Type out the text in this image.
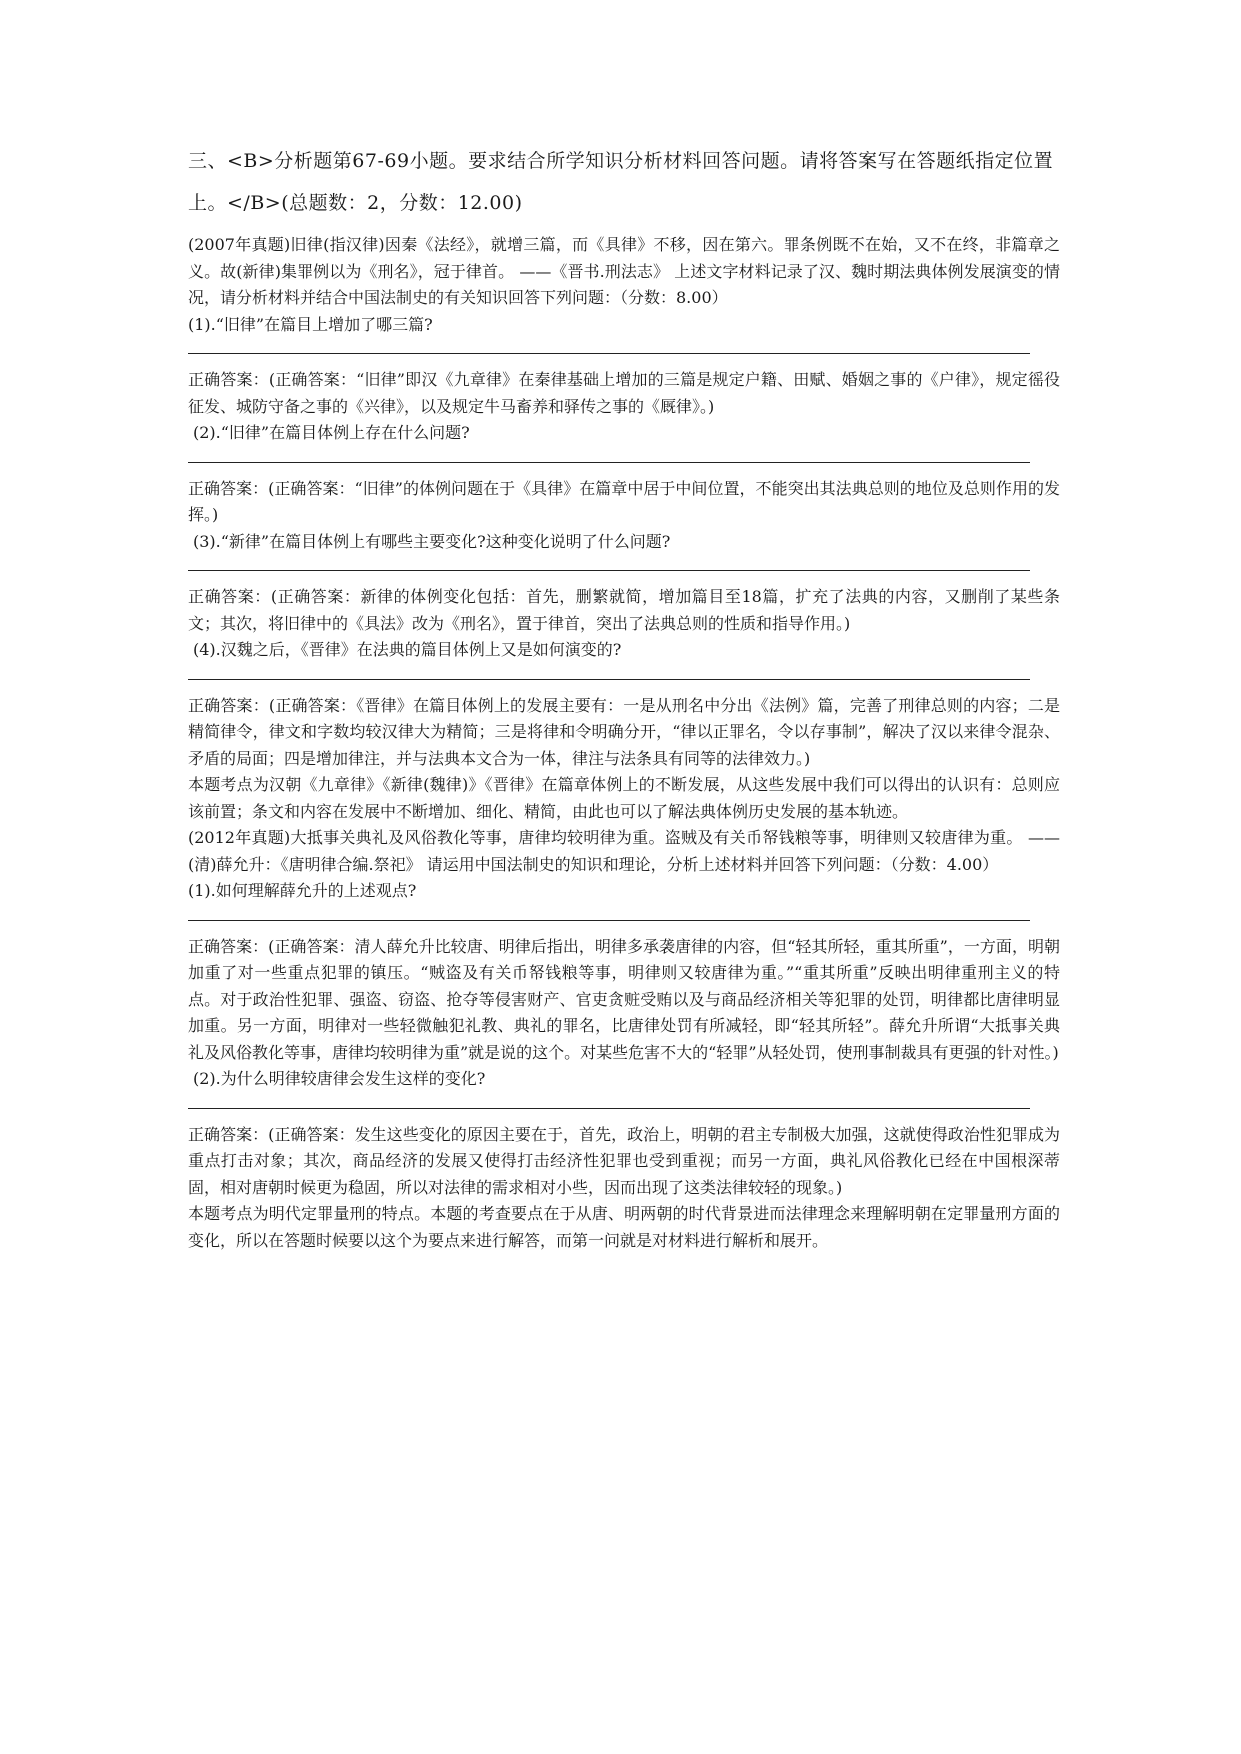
三、<B>分析题第67-69小题。要求结合所学知识分析材料回答问题。请将答案写在答题纸指定位置上。</B>(总题数：2，分数：12.00)

(2007年真题)旧律(指汉律)因秦《法经》，就增三篇，而《具律》不移，因在第六。罪条例既不在始，又不在终，非篇章之义。故(新律)集罪例以为《刑名》，冠于律首。 ——《晋书.刑法志》 上述文字材料记录了汉、魏时期法典体例发展演变的情况，请分析材料并结合中国法制史的有关知识回答下列问题：（分数：8.00）

(1).“旧律”在篇目上增加了哪三篇?

正确答案：(正确答案：“旧律”即汉《九章律》在秦律基础上增加的三篇是规定户籍、田赋、婚姻之事的《户律》，规定徭役征发、城防守备之事的《兴律》，以及规定牛马畜养和驿传之事的《厩律》。)

(2).“旧律”在篇目体例上存在什么问题?

正确答案：(正确答案：“旧律”的体例问题在于《具律》在篇章中居于中间位置，不能突出其法典总则的地位及总则作用的发挥。)

(3).“新律”在篇目体例上有哪些主要变化?这种变化说明了什么问题?

正确答案：(正确答案：新律的体例变化包括：首先，删繁就简，增加篇目至18篇，扩充了法典的内容，又删削了某些条文；其次，将旧律中的《具法》改为《刑名》，置于律首，突出了法典总则的性质和指导作用。)

(4).汉魏之后，《晋律》在法典的篇目体例上又是如何演变的?

正确答案：(正确答案：《晋律》在篇目体例上的发展主要有：一是从刑名中分出《法例》篇，完善了刑律总则的内容；二是精简律令，律文和字数均较汉律大为精简；三是将律和令明确分开，“律以正罪名，令以存事制”，解决了汉以来律令混杂、矛盾的局面；四是增加律注，并与法典本文合为一体，律注与法条具有同等的法律效力。)

本题考点为汉朝《九章律》《新律(魏律)》《晋律》在篇章体例上的不断发展，从这些发展中我们可以得出的认识有：总则应该前置；条文和内容在发展中不断增加、细化、精简，由此也可以了解法典体例历史发展的基本轨迹。

(2012年真题)大抵事关典礼及风俗教化等事，唐律均较明律为重。盗贼及有关币帑钱粮等事，明律则又较唐律为重。 ——(清)薛允升：《唐明律合编.祭祀》 请运用中国法制史的知识和理论，分析上述材料并回答下列问题：（分数：4.00）

(1).如何理解薛允升的上述观点?

正确答案：(正确答案：清人薛允升比较唐、明律后指出，明律多承袭唐律的内容，但“轻其所轻，重其所重”，一方面，明朝加重了对一些重点犯罪的镇压。“贼盗及有关币帑钱粮等事，明律则又较唐律为重。”“重其所重”反映出明律重刑主义的特点。对于政治性犯罪、强盗、窃盗、抢夺等侵害财产、官吏贪赃受贿以及与商品经济相关等犯罪的处罚，明律都比唐律明显加重。另一方面，明律对一些轻微触犯礼教、典礼的罪名，比唐律处罚有所减轻，即“轻其所轻”。薛允升所谓“大抵事关典礼及风俗教化等事，唐律均较明律为重”就是说的这个。对某些危害不大的“轻罪”从轻处罚，使刑事制裁具有更强的针对性。)

(2).为什么明律较唐律会发生这样的变化?

正确答案：(正确答案：发生这些变化的原因主要在于，首先，政治上，明朝的君主专制极大加强，这就使得政治性犯罪成为重点打击对象；其次，商品经济的发展又使得打击经济性犯罪也受到重视；而另一方面，典礼风俗教化已经在中国根深蒂固，相对唐朝时候更为稳固，所以对法律的需求相对小些，因而出现了这类法律较轻的现象。)

本题考点为明代定罪量刑的特点。本题的考查要点在于从唐、明两朝的时代背景进而法律理念来理解明朝在定罪量刑方面的变化，所以在答题时候要以这个为要点来进行解答，而第一问就是对材料进行解析和展开。
